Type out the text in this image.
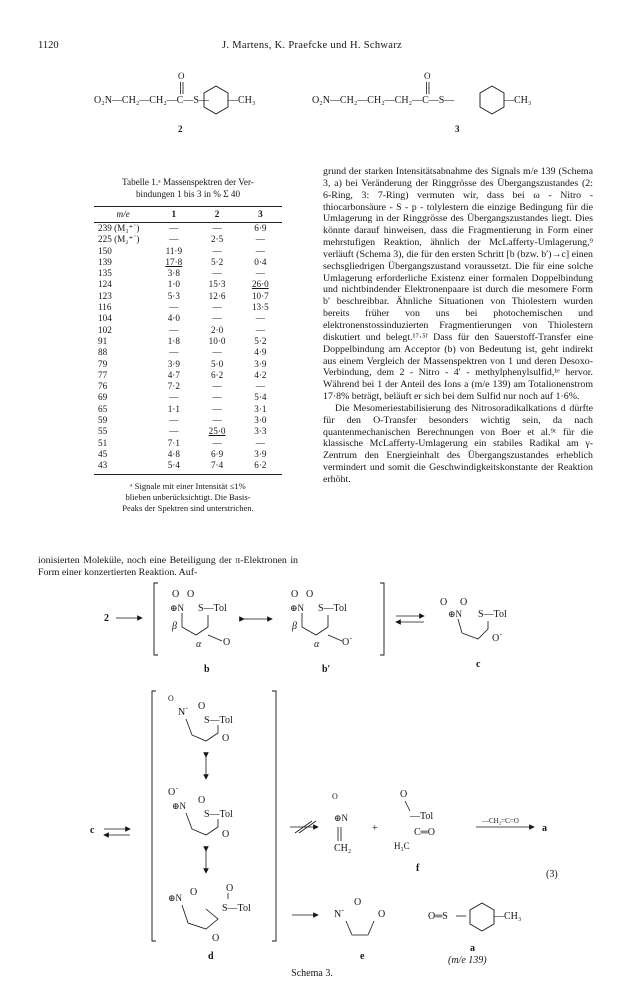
1120	J. Martens, K. Praefcke und H. Schwarz
O₂N—CH₂—CH₂—C—S—
O
—CH₃
2
O₂N—CH₂—CH₂—CH₂—C—S—
O
—CH₃
3
Tabelle 1.ᵃ Massenspektren der Ver-
bindungen 1 bis 3 in % Σ 40
m/e	1	2	3
239 (M₃⁺˙)	—	—	6·9
225 (M₂⁺˙)	—	2·5	—
150	11·9	—	—
139	17·8	5·2	0·4
135	3·8	—	—
124	1·0	15·3	26·0
123	5·3	12·6	10·7
116	—	—	13·5
104	4·0	—	—
102	—	2·0	—
91	1·8	10·0	5·2
88	—	—	4·9
79	3·9	5·0	3·9
77	4·7	6·2	4·2
76	7·2	—	—
69	—	—	5·4
65	1·1	—	3·1
59	—	—	3·0
55	—	25·0	3·3
51	7·1	—	—
45	4·8	6·9	3·9
43	5·4	7·4	6·2
ᵃ Signale mit einer Intensität ≤1%
blieben unberücksichtigt. Die Basis-
Peaks der Spektren sind unterstrichen.

grund der starken Intensitätsabnahme des Signals m/e 139 (Schema 3, a) bei Veränderung der Ringgrösse des Übergangszustandes (2: 6-Ring, 3: 7-Ring) vermuten wir, dass bei ω - Nitro - thiocarbonsäure - S - p - tolylestern die einzige Bedingung für die Umlagerung in der Ringgrösse des Übergangszustandes liegt. Dies könnte darauf hinweisen, dass die Fragmentierung in Form einer mehrstufigen Reaktion, ähnlich der McLafferty-Umlagerung,⁹ verläuft (Schema 3), die für den ersten Schritt [b (bzw. b′)→c] einen sechsgliedrigen Übergangszustand voraussetzt. Die für eine solche Umlagerung erforderliche Existenz einer formalen Doppelbindung und nichtbindender Elektronenpaare ist durch die mesomere Form b′ beschreibbar. Ähnliche Situationen von Thiolestern wurden bereits früher von uns bei photochemischen und elektronenstossinduzierten Fragmentierungen von Thiolestern diskutiert und belegt.¹⁷·⁵ᶠ Dass für den Sauerstoff-Transfer eine Doppelbindung am Acceptor (b) von Bedeutung ist, geht indirekt aus einem Vergleich der Massenspektren von 1 und deren Desoxo-Verbindung, dem 2 - Nitro - 4′ - methylphenylsulfid,¹ᵉ hervor. Während bei 1 der Anteil des Ions a (m/e 139) am Totalionenstrom 17·8% beträgt, beläuft er sich bei dem Sulfid nur noch auf 1·6%.

Die Mesomeriestabilisierung des Nitrosoradikalkations d dürfte für den O-Transfer besonders wichtig sein, da nach quantenmechanischen Berechnungen von Boer et al.⁹ᶜ für die klassische McLafferty-Umlagerung ein stabiles Radikal am γ-Zentrum den Energieinhalt des Übergangszustandes erheblich vermindert und somit die Geschwindigkeitskonstante der Reaktion erhöht.

ionisierten Moleküle, noch eine Beteiligung der π-Elektronen in Form einer konzertierten Reaktion. Auf-
2
O O
⊕N S—Tol
O
β
α
b
O O
⊕N S—Tol
O˙
β
α
b′
O O
⊕N S—Tol
O˙
c
c
O
N˙
O
S—Tol
O
O˙
⊕N O
S—Tol
O
O
⊕N O
S—Tol
O
d
O
⊕N
CH₂
+
O
—Tol
C═O
H₃C
f
—CH₂=C=O
a
(3)
N˙
O
O
e
O═S	—CH₃
a
(m/e 139)
Schema 3.
